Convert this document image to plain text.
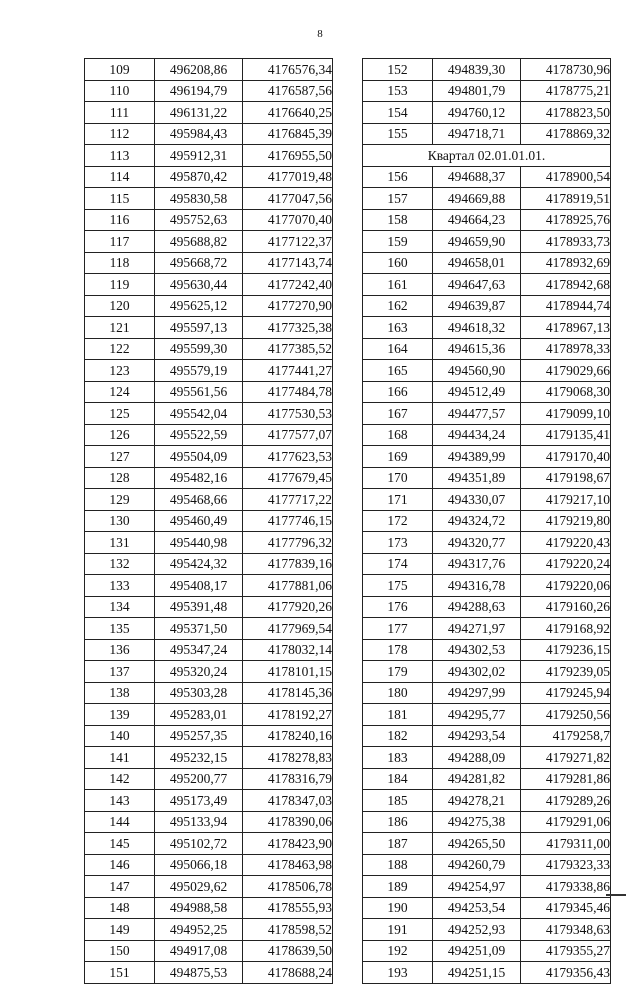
8
109	496208,86	4176576,34
110	496194,79	4176587,56
111	496131,22	4176640,25
112	495984,43	4176845,39
113	495912,31	4176955,50
114	495870,42	4177019,48
115	495830,58	4177047,56
116	495752,63	4177070,40
117	495688,82	4177122,37
118	495668,72	4177143,74
119	495630,44	4177242,40
120	495625,12	4177270,90
121	495597,13	4177325,38
122	495599,30	4177385,52
123	495579,19	4177441,27
124	495561,56	4177484,78
125	495542,04	4177530,53
126	495522,59	4177577,07
127	495504,09	4177623,53
128	495482,16	4177679,45
129	495468,66	4177717,22
130	495460,49	4177746,15
131	495440,98	4177796,32
132	495424,32	4177839,16
133	495408,17	4177881,06
134	495391,48	4177920,26
135	495371,50	4177969,54
136	495347,24	4178032,14
137	495320,24	4178101,15
138	495303,28	4178145,36
139	495283,01	4178192,27
140	495257,35	4178240,16
141	495232,15	4178278,83
142	495200,77	4178316,79
143	495173,49	4178347,03
144	495133,94	4178390,06
145	495102,72	4178423,90
146	495066,18	4178463,98
147	495029,62	4178506,78
148	494988,58	4178555,93
149	494952,25	4178598,52
150	494917,08	4178639,50
151	494875,53	4178688,24
152	494839,30	4178730,96
153	494801,79	4178775,21
154	494760,12	4178823,50
155	494718,71	4178869,32
Квартал 02.01.01.01.		
156	494688,37	4178900,54
157	494669,88	4178919,51
158	494664,23	4178925,76
159	494659,90	4178933,73
160	494658,01	4178932,69
161	494647,63	4178942,68
162	494639,87	4178944,74
163	494618,32	4178967,13
164	494615,36	4178978,33
165	494560,90	4179029,66
166	494512,49	4179068,30
167	494477,57	4179099,10
168	494434,24	4179135,41
169	494389,99	4179170,40
170	494351,89	4179198,67
171	494330,07	4179217,10
172	494324,72	4179219,80
173	494320,77	4179220,43
174	494317,76	4179220,24
175	494316,78	4179220,06
176	494288,63	4179160,26
177	494271,97	4179168,92
178	494302,53	4179236,15
179	494302,02	4179239,05
180	494297,99	4179245,94
181	494295,77	4179250,56
182	494293,54	4179258,7
183	494288,09	4179271,82
184	494281,82	4179281,86
185	494278,21	4179289,26
186	494275,38	4179291,06
187	494265,50	4179311,00
188	494260,79	4179323,33
189	494254,97	4179338,86
190	494253,54	4179345,46
191	494252,93	4179348,63
192	494251,09	4179355,27
193	494251,15	4179356,43
